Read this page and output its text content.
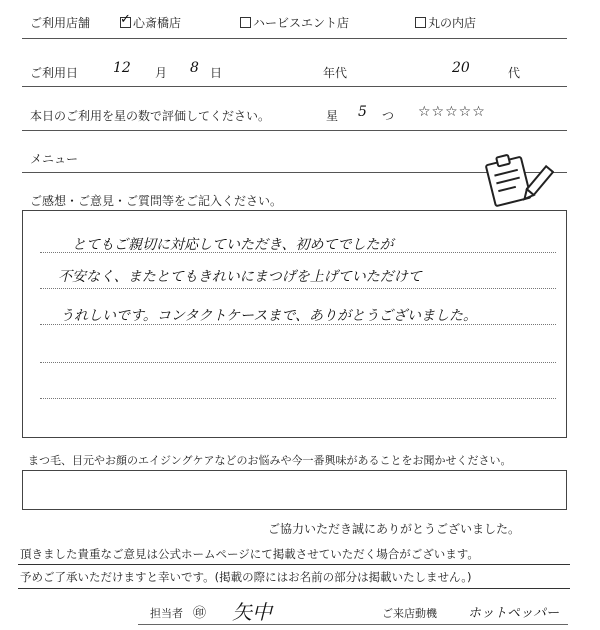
ご利用店舗
✓	心斎橋店	ハービスエント店	丸の内店
ご利用日 12 月 8 日	年代	20	代
本日のご利用を星の数で評価してください。	星 5 つ ☆☆☆☆☆
メニュー
ご感想・ご意見・ご質問等をご記入ください。
とてもご親切に対応していただき、初めてでしたが
不安なく、またとてもきれいにまつげを上げていただけて
うれしいです。コンタクトケースまで、ありがとうございました。
まつ毛、目元やお顔のエイジングケアなどのお悩みや今一番興味があることをお聞かせください。
ご協力いただき誠にありがとうございました。
頂きました貴重なご意見は公式ホームページにて掲載させていただく場合がございます。
予めご了承いただけますと幸いです。(掲載の際にはお名前の部分は掲載いたしません。)
担当者 ㊞ 矢中	ご来店動機 ホットペッパー
